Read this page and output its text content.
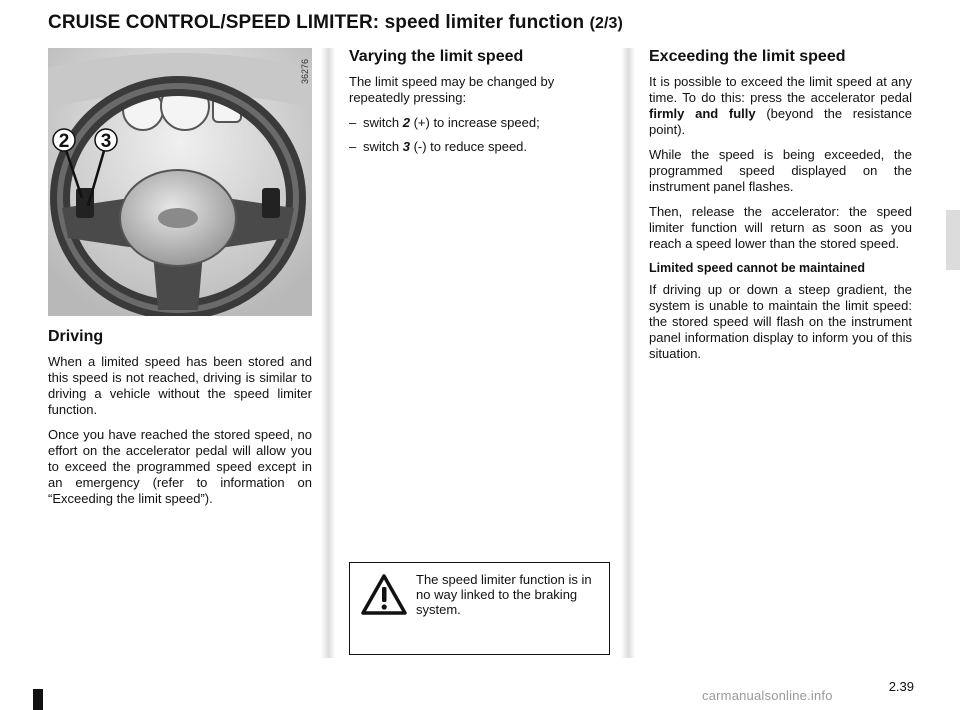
CRUISE CONTROL/SPEED LIMITER: speed limiter function (2/3)
2 3
36276
Driving

When a limited speed has been stored and this speed is not reached, driving is similar to driving a vehicle without the speed limiter function.

Once you have reached the stored speed, no effort on the accelerator pedal will allow you to exceed the programmed speed except in an emergency (refer to information on “Exceeding the limit speed”).

Varying the limit speed

The limit speed may be changed by repeatedly pressing:

– switch 2 (+) to increase speed;
– switch 3 (-) to reduce speed.
The speed limiter function is in no way linked to the braking system.
Exceeding the limit speed

It is possible to exceed the limit speed at any time. To do this: press the accelerator pedal firmly and fully (beyond the resistance point).

While the speed is being exceeded, the programmed speed displayed on the instrument panel flashes.

Then, release the accelerator: the speed limiter function will return as soon as you reach a speed lower than the stored speed.

Limited speed cannot be maintained

If driving up or down a steep gradient, the system is unable to maintain the limit speed: the stored speed will flash on the instrument panel information display to inform you of this situation.

2.39
carmanualsonline.info
